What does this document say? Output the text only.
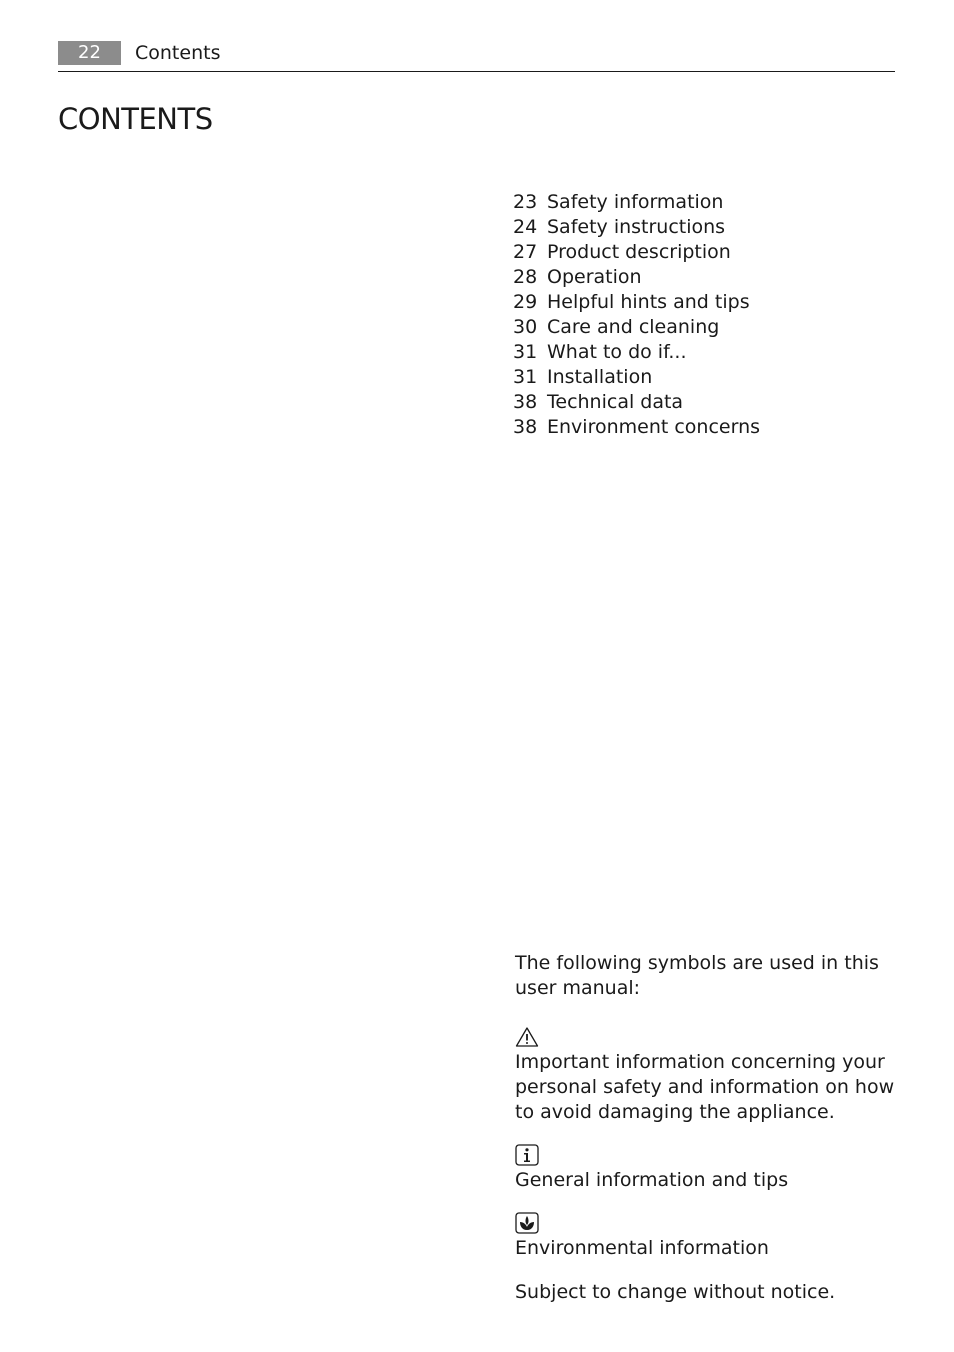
22	Contents
CONTENTS
23 Safety information
24 Safety instructions
27 Product description
28 Operation
29 Helpful hints and tips
30 Care and cleaning
31 What to do if...
31 Installation
38 Technical data
38 Environment concerns

The following symbols are used in this user manual:

Important information concerning your personal safety and information on how to avoid damaging the appliance.

General information and tips

Environmental information

Subject to change without notice.
